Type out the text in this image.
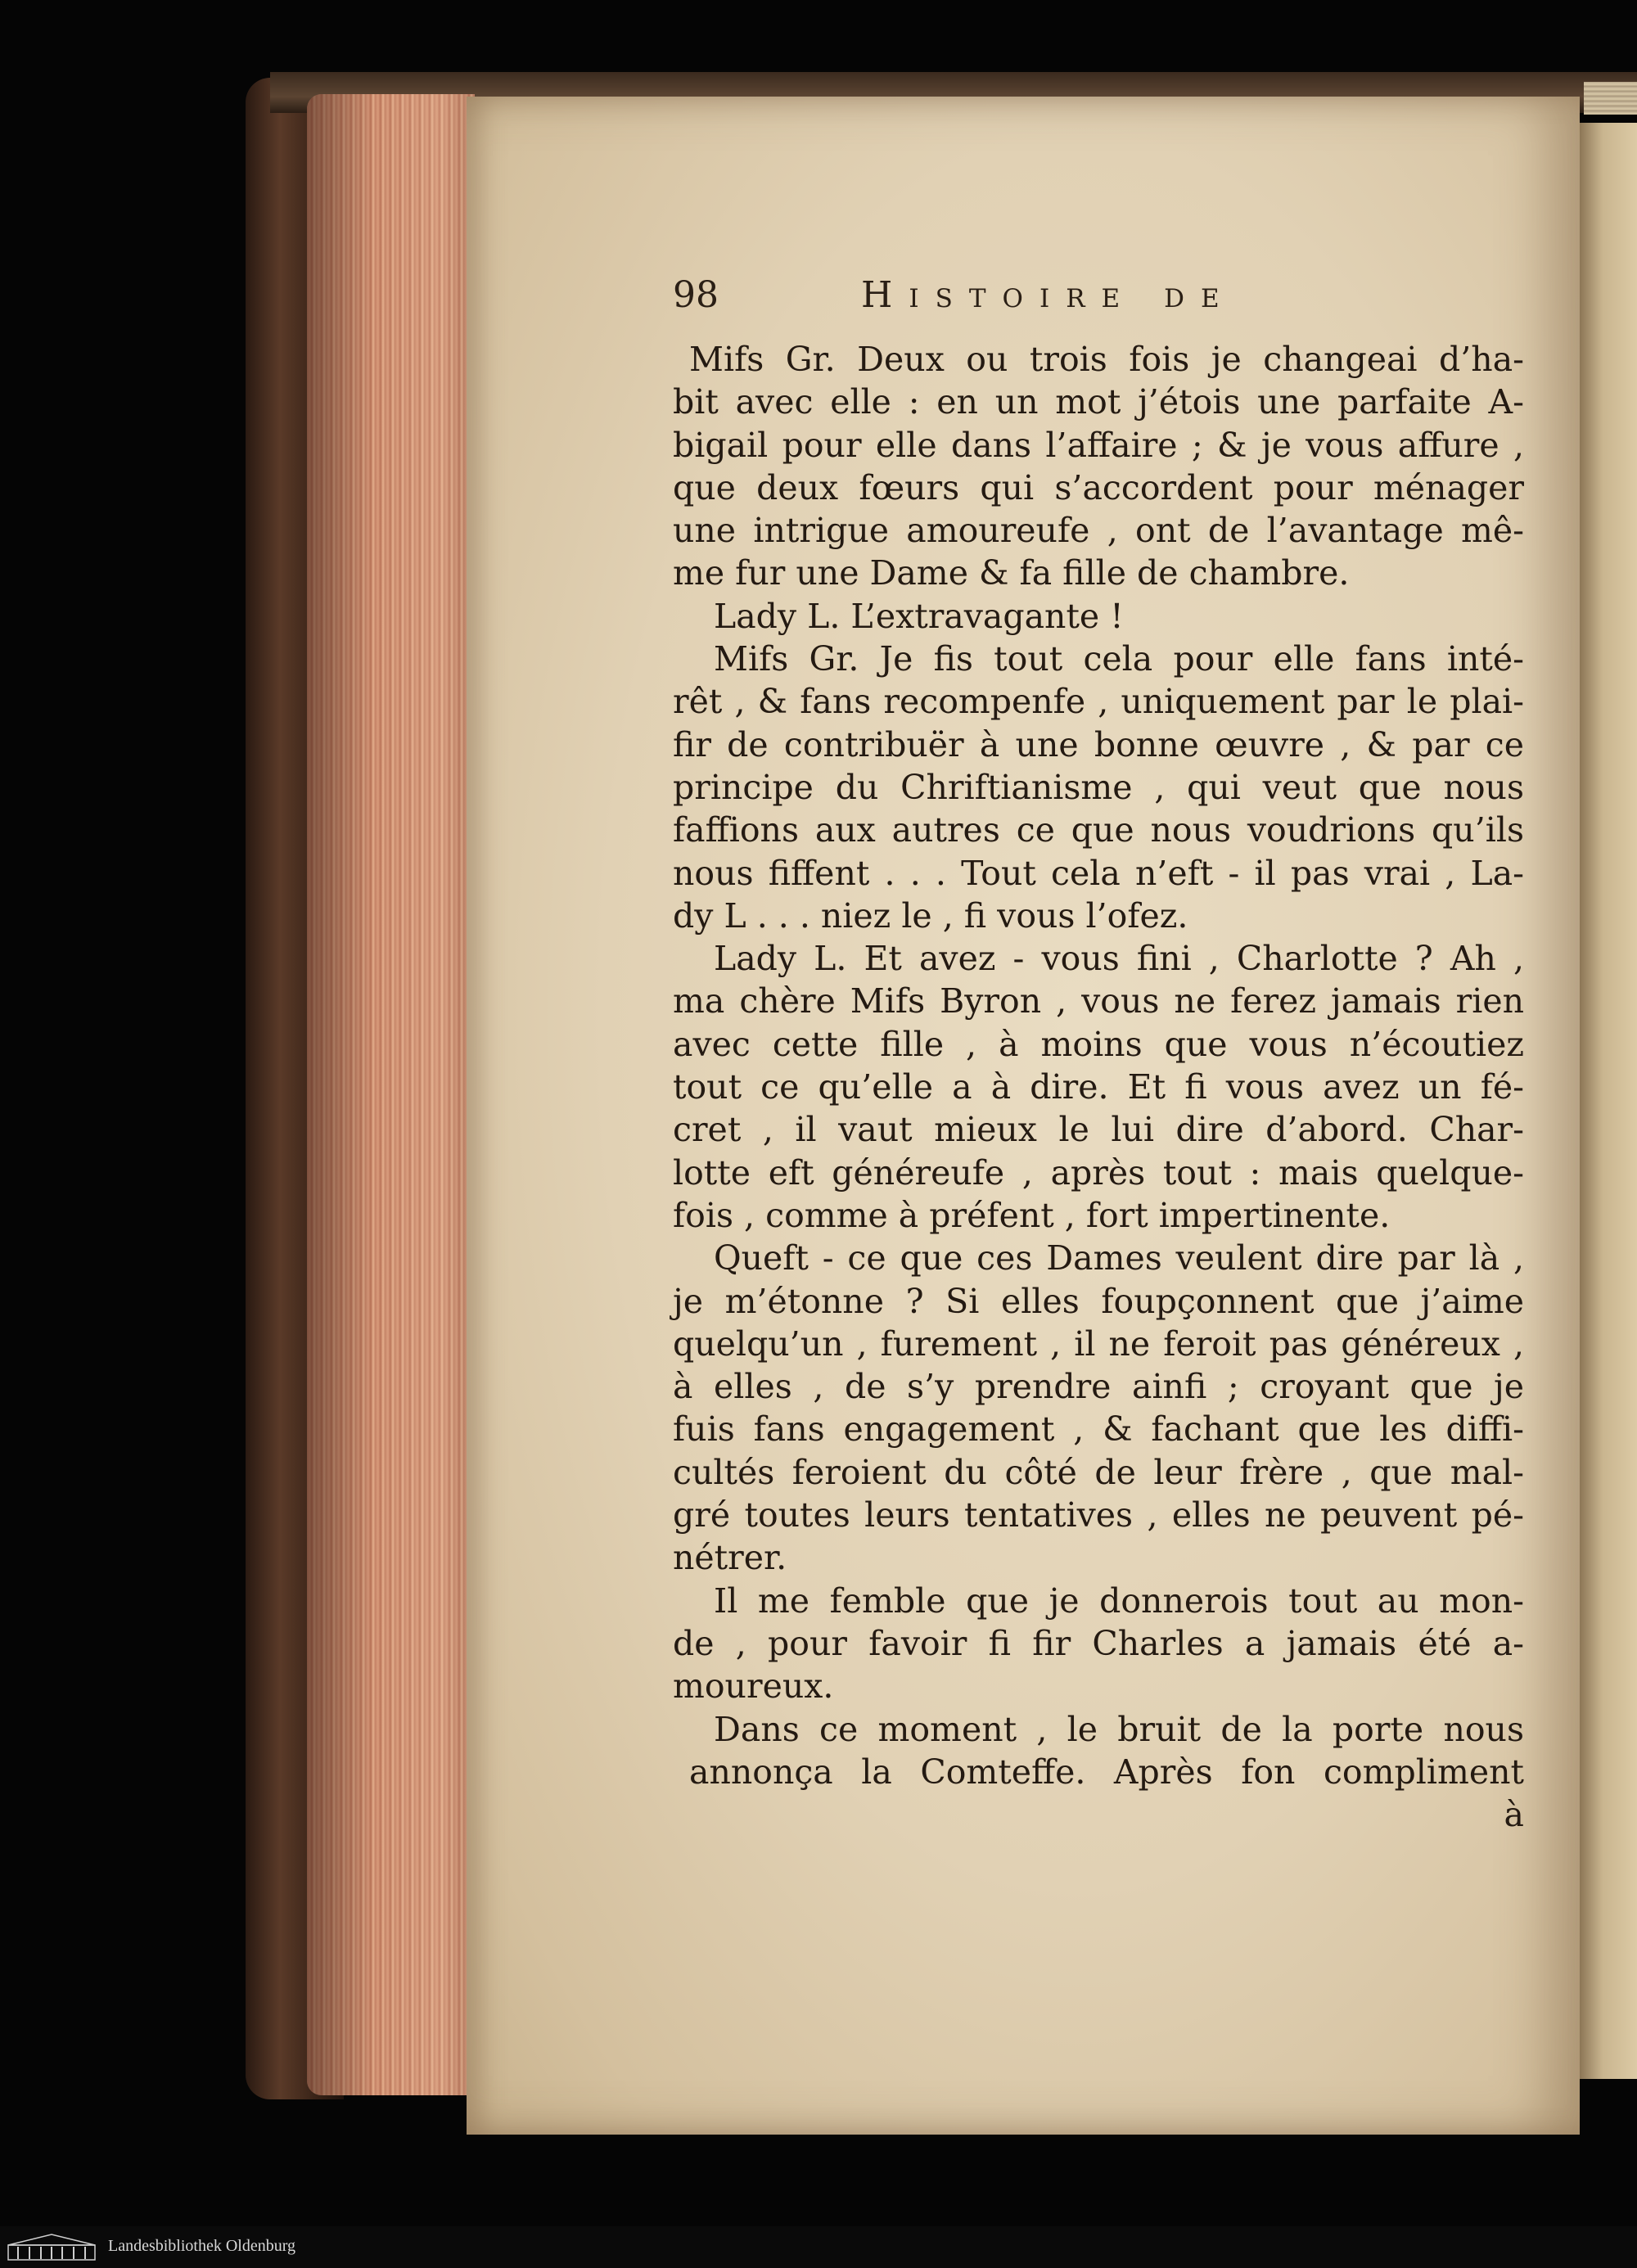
98	Histoire de
Mifs Gr. Deux ou trois fois je changeai d’ha-
bit avec elle : en un mot j’étois une parfaite A-
bigail pour elle dans l’affaire ; & je vous affure ,
que deux fœurs qui s’accordent pour ménager
une intrigue amoureufe , ont de l’avantage mê-
me fur une Dame & fa fille de chambre.
Lady L. L’extravagante !
Mifs Gr. Je fis tout cela pour elle fans inté-
rêt , & fans recompenfe , uniquement par le plai-
fir de contribuër à une bonne œuvre , & par ce
principe du Chriftianisme , qui veut que nous
faffions aux autres ce que nous voudrions qu’ils
nous fiffent . . . Tout cela n’eft - il pas vrai , La-
dy L . . . niez le , fi vous l’ofez.
Lady L. Et avez - vous fini , Charlotte ? Ah ,
ma chère Mifs Byron , vous ne ferez jamais rien
avec cette fille , à moins que vous n’écoutiez
tout ce qu’elle a à dire. Et fi vous avez un fé-
cret , il vaut mieux le lui dire d’abord. Char-
lotte eft généreufe , après tout : mais quelque-
fois , comme à préfent , fort impertinente.
Queft - ce que ces Dames veulent dire par là ,
je m’étonne ? Si elles foupçonnent que j’aime
quelqu’un , furement , il ne feroit pas généreux ,
à elles , de s’y prendre ainfi ; croyant que je
fuis fans engagement , & fachant que les diffi-
cultés feroient du côté de leur frère , que mal-
gré toutes leurs tentatives , elles ne peuvent pé-
nétrer.
Il me femble que je donnerois tout au mon-
de , pour favoir fi fir Charles a jamais été a-
moureux.
Dans ce moment , le bruit de la porte nous
annonça la Comteffe. Après fon compliment
à
Landesbibliothek Oldenburg
